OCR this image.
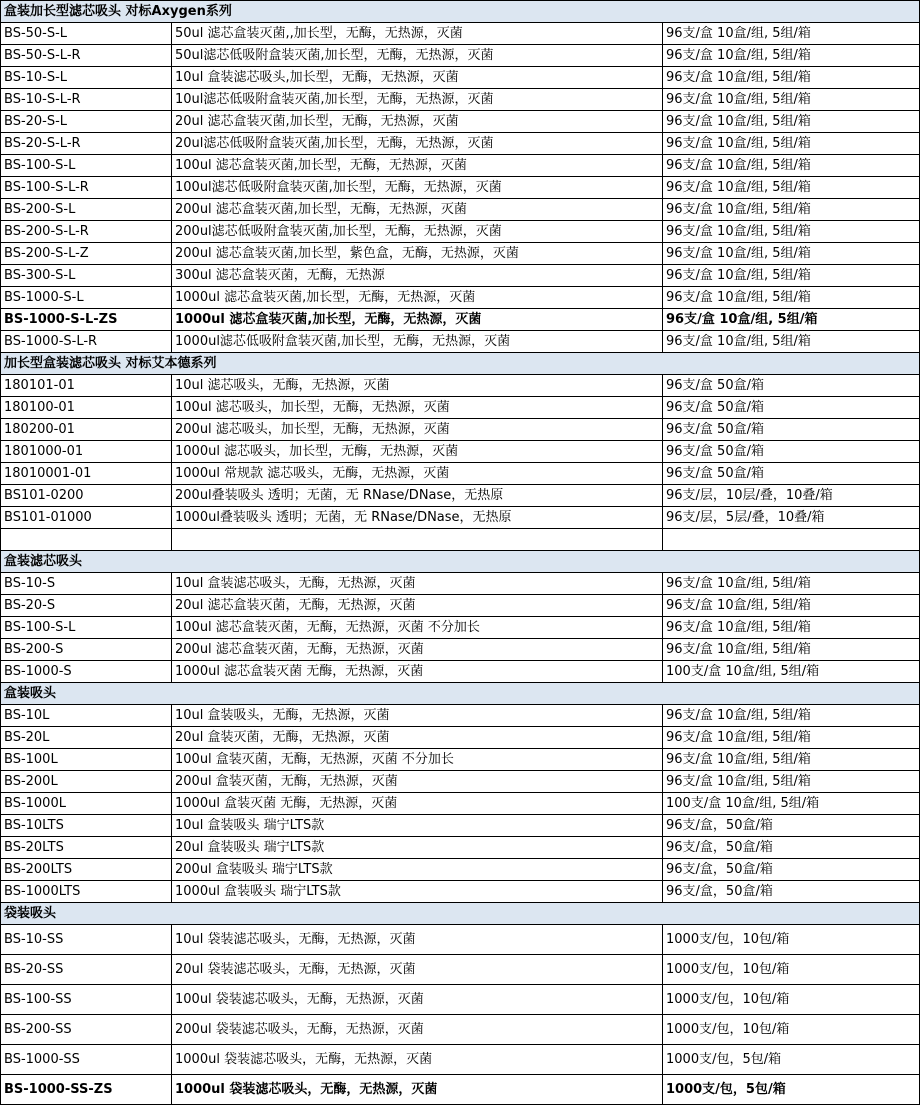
盒装加长型滤芯吸头 对标Axygen系列		
BS-50-S-L	50ul 滤芯盒装灭菌,,加长型，无酶，无热源，灭菌	96支/盒 10盒/组, 5组/箱
BS-50-S-L-R	50ul滤芯低吸附盒装灭菌,加长型，无酶，无热源，灭菌	96支/盒 10盒/组, 5组/箱
BS-10-S-L	10ul 盒装滤芯吸头,加长型，无酶，无热源，灭菌	96支/盒 10盒/组, 5组/箱
BS-10-S-L-R	10ul滤芯低吸附盒装灭菌,加长型，无酶，无热源，灭菌	96支/盒 10盒/组, 5组/箱
BS-20-S-L	20ul 滤芯盒装灭菌,加长型，无酶，无热源，灭菌	96支/盒 10盒/组, 5组/箱
BS-20-S-L-R	20ul滤芯低吸附盒装灭菌,加长型，无酶，无热源，灭菌	96支/盒 10盒/组, 5组/箱
BS-100-S-L	100ul 滤芯盒装灭菌,加长型，无酶，无热源，灭菌	96支/盒 10盒/组, 5组/箱
BS-100-S-L-R	100ul滤芯低吸附盒装灭菌,加长型，无酶，无热源，灭菌	96支/盒 10盒/组, 5组/箱
BS-200-S-L	200ul 滤芯盒装灭菌,加长型，无酶，无热源，灭菌	96支/盒 10盒/组, 5组/箱
BS-200-S-L-R	200ul滤芯低吸附盒装灭菌,加长型，无酶，无热源，灭菌	96支/盒 10盒/组, 5组/箱
BS-200-S-L-Z	200ul 滤芯盒装灭菌,加长型，紫色盒，无酶，无热源，灭菌	96支/盒 10盒/组, 5组/箱
BS-300-S-L	300ul 滤芯盒装灭菌，无酶，无热源	96支/盒 10盒/组, 5组/箱
BS-1000-S-L	1000ul 滤芯盒装灭菌,加长型，无酶，无热源，灭菌	96支/盒 10盒/组, 5组/箱
BS-1000-S-L-ZS	1000ul 滤芯盒装灭菌,加长型，无酶，无热源，灭菌	96支/盒 10盒/组, 5组/箱
BS-1000-S-L-R	1000ul滤芯低吸附盒装灭菌,加长型，无酶，无热源，灭菌	96支/盒 10盒/组, 5组/箱
加长型盒装滤芯吸头 对标艾本德系列		
180101-01	10ul 滤芯吸头，无酶，无热源，灭菌	96支/盒 50盒/箱
180100-01	100ul 滤芯吸头，加长型，无酶，无热源，灭菌	96支/盒 50盒/箱
180200-01	200ul 滤芯吸头，加长型，无酶，无热源，灭菌	96支/盒 50盒/箱
1801000-01	1000ul 滤芯吸头，加长型，无酶，无热源，灭菌	96支/盒 50盒/箱
18010001-01	1000ul 常规款 滤芯吸头，无酶，无热源，灭菌	96支/盒 50盒/箱
BS101-0200	200ul叠装吸头 透明；无菌，无 RNase/DNase，无热原	96支/层，10层/叠，10叠/箱
BS101-01000	1000ul叠装吸头 透明；无菌，无 RNase/DNase，无热原	96支/层，5层/叠，10叠/箱

盒装滤芯吸头		
BS-10-S	10ul 盒装滤芯吸头，无酶，无热源，灭菌	96支/盒 10盒/组, 5组/箱
BS-20-S	20ul 滤芯盒装灭菌，无酶，无热源，灭菌	96支/盒 10盒/组, 5组/箱
BS-100-S-L	100ul 滤芯盒装灭菌，无酶，无热源，灭菌 不分加长	96支/盒 10盒/组, 5组/箱
BS-200-S	200ul 滤芯盒装灭菌，无酶，无热源，灭菌	96支/盒 10盒/组, 5组/箱
BS-1000-S	1000ul 滤芯盒装灭菌 无酶，无热源，灭菌	100支/盒 10盒/组, 5组/箱
盒装吸头		
BS-10L	10ul 盒装吸头，无酶，无热源，灭菌	96支/盒 10盒/组, 5组/箱
BS-20L	20ul 盒装灭菌，无酶，无热源，灭菌	96支/盒 10盒/组, 5组/箱
BS-100L	100ul 盒装灭菌，无酶，无热源，灭菌 不分加长	96支/盒 10盒/组, 5组/箱
BS-200L	200ul 盒装灭菌，无酶，无热源，灭菌	96支/盒 10盒/组, 5组/箱
BS-1000L	1000ul 盒装灭菌 无酶，无热源，灭菌	100支/盒 10盒/组, 5组/箱
BS-10LTS	10ul 盒装吸头 瑞宁LTS款	96支/盒，50盒/箱
BS-20LTS	20ul 盒装吸头 瑞宁LTS款	96支/盒，50盒/箱
BS-200LTS	200ul 盒装吸头 瑞宁LTS款	96支/盒，50盒/箱
BS-1000LTS	1000ul 盒装吸头 瑞宁LTS款	96支/盒，50盒/箱
袋装吸头		
BS-10-SS	10ul 袋装滤芯吸头，无酶，无热源，灭菌	1000支/包，10包/箱
BS-20-SS	20ul 袋装滤芯吸头，无酶，无热源，灭菌	1000支/包，10包/箱
BS-100-SS	100ul 袋装滤芯吸头，无酶，无热源，灭菌	1000支/包，10包/箱
BS-200-SS	200ul 袋装滤芯吸头，无酶，无热源，灭菌	1000支/包，10包/箱
BS-1000-SS	1000ul 袋装滤芯吸头，无酶，无热源，灭菌	1000支/包，5包/箱
BS-1000-SS-ZS	1000ul 袋装滤芯吸头，无酶，无热源，灭菌	1000支/包，5包/箱
